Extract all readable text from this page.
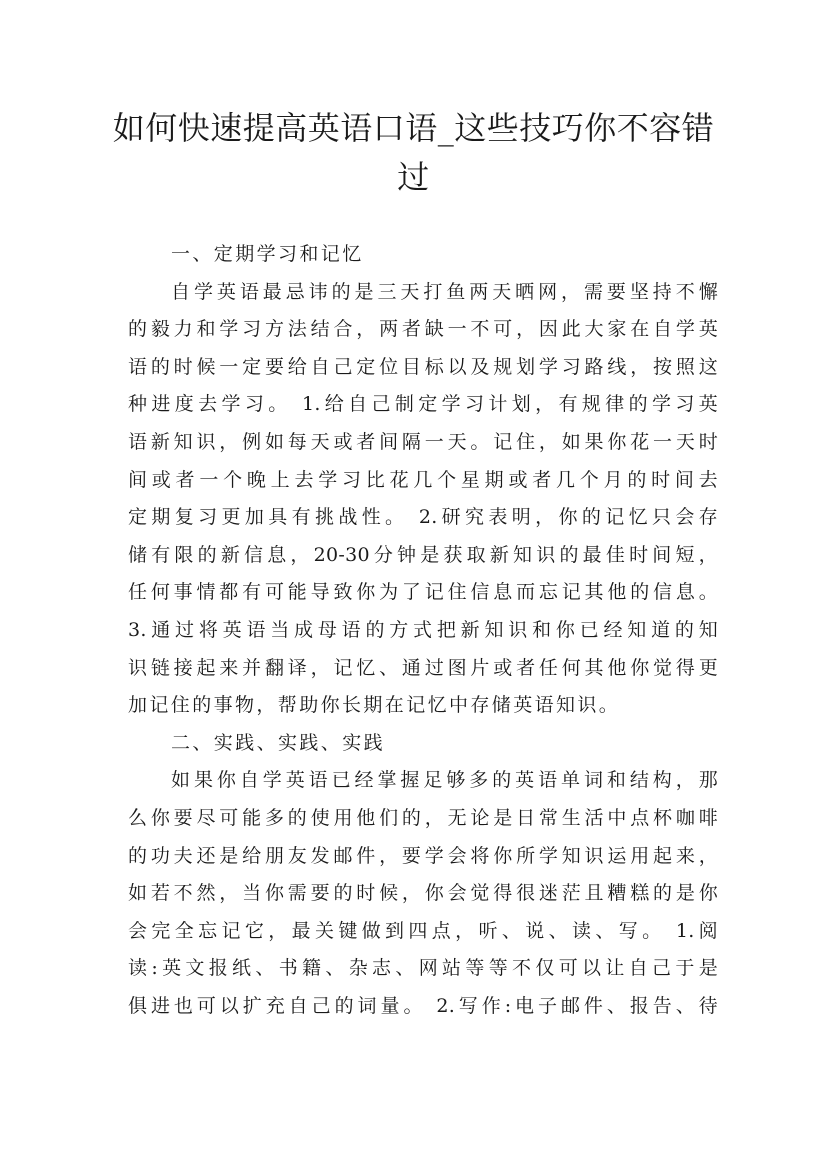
如何快速提高英语口语_这些技巧你不容错
过
一、定期学习和记忆
自学英语最忌讳的是三天打鱼两天晒网，需要坚持不懈
的毅力和学习方法结合，两者缺一不可，因此大家在自学英
语的时候一定要给自己定位目标以及规划学习路线，按照这
种进度去学习。 1.给自己制定学习计划，有规律的学习英
语新知识，例如每天或者间隔一天。记住，如果你花一天时
间或者一个晚上去学习比花几个星期或者几个月的时间去
定期复习更加具有挑战性。 2.研究表明，你的记忆只会存
储有限的新信息，20-30分钟是获取新知识的最佳时间短，
任何事情都有可能导致你为了记住信息而忘记其他的信息。
3.通过将英语当成母语的方式把新知识和你已经知道的知
识链接起来并翻译，记忆、通过图片或者任何其他你觉得更
加记住的事物，帮助你长期在记忆中存储英语知识。
二、实践、实践、实践
如果你自学英语已经掌握足够多的英语单词和结构，那
么你要尽可能多的使用他们的，无论是日常生活中点杯咖啡
的功夫还是给朋友发邮件，要学会将你所学知识运用起来，
如若不然，当你需要的时候，你会觉得很迷茫且糟糕的是你
会完全忘记它，最关键做到四点，听、说、读、写。 1.阅
读:英文报纸、书籍、杂志、网站等等不仅可以让自己于是
俱进也可以扩充自己的词量。 2.写作:电子邮件、报告、待
